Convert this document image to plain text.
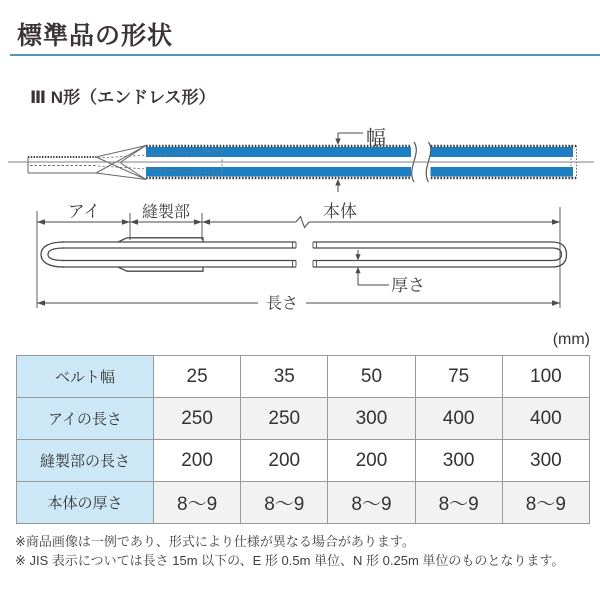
標準品の形状
Ⅲ N形（エンドレス形）
幅
アイ	縫製部	本体
厚さ
長さ
(mm)
ベルト幅	25	35	50	75	100
アイの長さ	250	250	300	400	400
縫製部の長さ	200	200	200	300	300
本体の厚さ	8～9	8～9	8～9	8～9	8～9
※商品画像は一例であり、形式により仕様が異なる場合があります。
※ JIS 表示については長さ 15m 以下の、E 形 0.5m 単位、N 形 0.25m 単位のものとなります。
